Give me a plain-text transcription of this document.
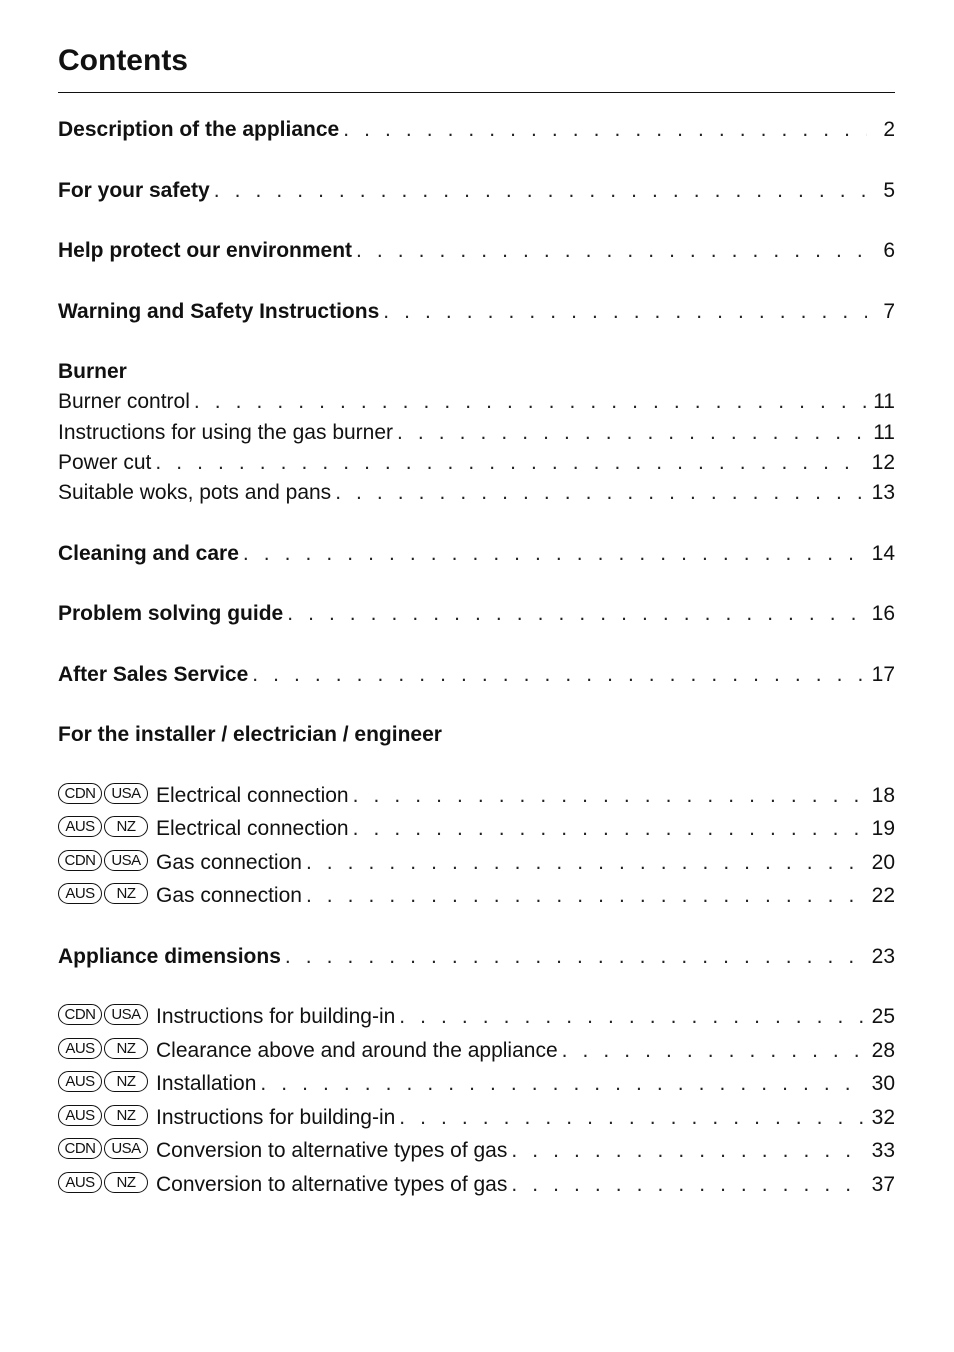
Contents
Description of the appliance . . .	2
For your safety . . .	5
Help protect our environment . . .	6
Warning and Safety Instructions . . .	7
Burner
Burner control . . .	11
Instructions for using the gas burner . . .	11
Power cut . . .	12
Suitable woks, pots and pans . . .	13
Cleaning and care . . .	14
Problem solving guide . . .	16
After Sales Service . . .	17
For the installer / electrician / engineer
CDN	USA Electrical connection . . .	18
AUS	NZ Electrical connection . . .	19
CDN	USA Gas connection . . .	20
AUS	NZ Gas connection . . .	22
Appliance dimensions . . .	23
CDN	USA Instructions for building-in . . .	25
AUS	NZ Clearance above and around the appliance . . .	28
AUS	NZ Installation . . .	30
AUS	NZ Instructions for building-in . . .	32
CDN	USA Conversion to alternative types of gas . . .	33
AUS	NZ Conversion to alternative types of gas . . .	37
